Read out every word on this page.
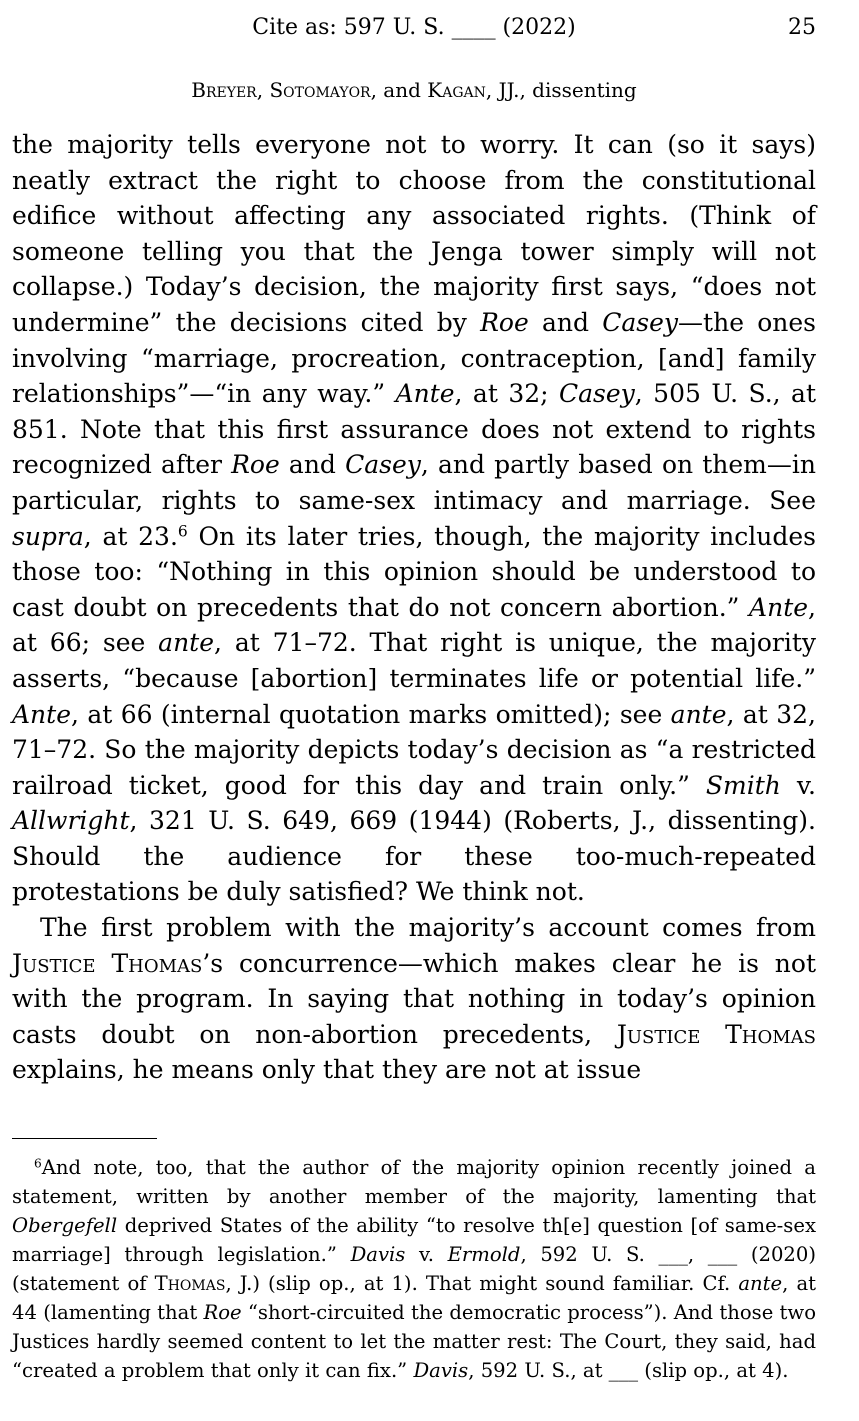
Cite as: 597 U. S. ____ (2022)	25
Breyer, Sotomayor, and Kagan, JJ., dissenting

the majority tells everyone not to worry. It can (so it says) neatly extract the right to choose from the constitutional edifice without affecting any associated rights. (Think of someone telling you that the Jenga tower simply will not collapse.) Today’s decision, the majority first says, “does not undermine” the decisions cited by Roe and Casey—the ones involving “marriage, procreation, contraception, [and] family relationships”—“in any way.” Ante, at 32; Casey, 505 U. S., at 851. Note that this first assurance does not extend to rights recognized after Roe and Casey, and partly based on them—in particular, rights to same-sex intimacy and marriage. See supra, at 23.$^6$ On its later tries, though, the majority includes those too: “Nothing in this opinion should be understood to cast doubt on precedents that do not concern abortion.” Ante, at 66; see ante, at 71–72. That right is unique, the majority asserts, “because [abortion] terminates life or potential life.” Ante, at 66 (internal quotation marks omitted); see ante, at 32, 71–72. So the majority depicts today’s decision as “a restricted railroad ticket, good for this day and train only.” Smith v. Allwright, 321 U. S. 649, 669 (1944) (Roberts, J., dissenting). Should the audience for these too-much-repeated protestations be duly satisfied? We think not.

The first problem with the majority’s account comes from Justice Thomas’s concurrence—which makes clear he is not with the program. In saying that nothing in today’s opinion casts doubt on non-abortion precedents, Justice Thomas explains, he means only that they are not at issue

$^6$And note, too, that the author of the majority opinion recently joined a statement, written by another member of the majority, lamenting that Obergefell deprived States of the ability “to resolve th[e] question [of same-sex marriage] through legislation.” Davis v. Ermold, 592 U. S. ___, ___ (2020) (statement of Thomas, J.) (slip op., at 1). That might sound familiar. Cf. ante, at 44 (lamenting that Roe “short-circuited the democratic process”). And those two Justices hardly seemed content to let the matter rest: The Court, they said, had “created a problem that only it can fix.” Davis, 592 U. S., at ___ (slip op., at 4).
